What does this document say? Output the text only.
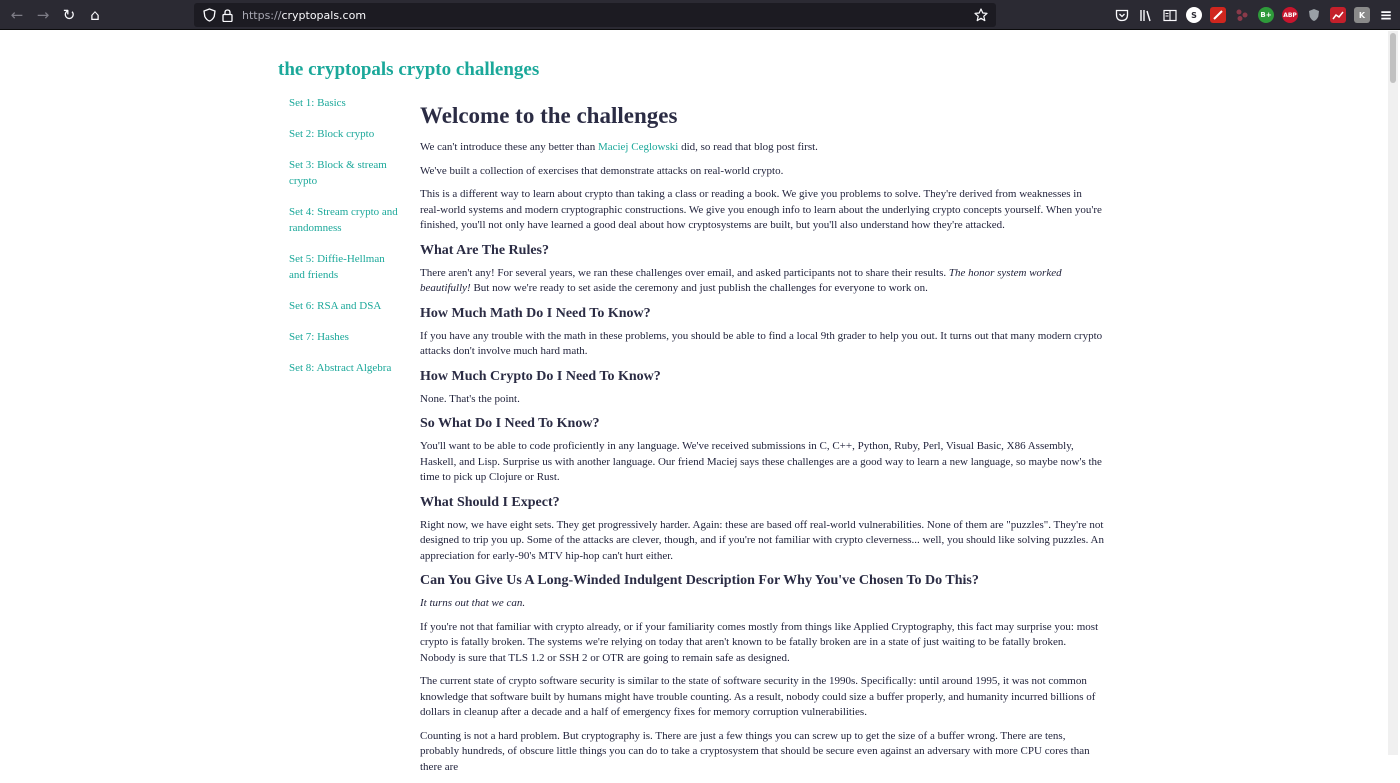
← → ↻ ⌂	https://cryptopals.com	S	B+	ABP	K ≡
the cryptopals crypto challenges
Set 1: Basics
Set 2: Block crypto
Set 3: Block & stream crypto
Set 4: Stream crypto and randomness
Set 5: Diffie-Hellman and friends
Set 6: RSA and DSA
Set 7: Hashes
Set 8: Abstract Algebra
Welcome to the challenges

We can't introduce these any better than Maciej Ceglowski did, so read that blog post first.

We've built a collection of exercises that demonstrate attacks on real-world crypto.

This is a different way to learn about crypto than taking a class or reading a book. We give you problems to solve. They're derived from weaknesses in real-world systems and modern cryptographic constructions. We give you enough info to learn about the underlying crypto concepts yourself. When you're finished, you'll not only have learned a good deal about how cryptosystems are built, but you'll also understand how they're attacked.

What Are The Rules?

There aren't any! For several years, we ran these challenges over email, and asked participants not to share their results. The honor system worked beautifully! But now we're ready to set aside the ceremony and just publish the challenges for everyone to work on.

How Much Math Do I Need To Know?

If you have any trouble with the math in these problems, you should be able to find a local 9th grader to help you out. It turns out that many modern crypto attacks don't involve much hard math.

How Much Crypto Do I Need To Know?

None. That's the point.

So What Do I Need To Know?

You'll want to be able to code proficiently in any language. We've received submissions in C, C++, Python, Ruby, Perl, Visual Basic, X86 Assembly, Haskell, and Lisp. Surprise us with another language. Our friend Maciej says these challenges are a good way to learn a new language, so maybe now's the time to pick up Clojure or Rust.

What Should I Expect?

Right now, we have eight sets. They get progressively harder. Again: these are based off real-world vulnerabilities. None of them are "puzzles". They're not designed to trip you up. Some of the attacks are clever, though, and if you're not familiar with crypto cleverness... well, you should like solving puzzles. An appreciation for early-90's MTV hip-hop can't hurt either.

Can You Give Us A Long-Winded Indulgent Description For Why You've Chosen To Do This?

It turns out that we can.

If you're not that familiar with crypto already, or if your familiarity comes mostly from things like Applied Cryptography, this fact may surprise you: most crypto is fatally broken. The systems we're relying on today that aren't known to be fatally broken are in a state of just waiting to be fatally broken. Nobody is sure that TLS 1.2 or SSH 2 or OTR are going to remain safe as designed.

The current state of crypto software security is similar to the state of software security in the 1990s. Specifically: until around 1995, it was not common knowledge that software built by humans might have trouble counting. As a result, nobody could size a buffer properly, and humanity incurred billions of dollars in cleanup after a decade and a half of emergency fixes for memory corruption vulnerabilities.

Counting is not a hard problem. But cryptography is. There are just a few things you can screw up to get the size of a buffer wrong. There are tens, probably hundreds, of obscure little things you can do to take a cryptosystem that should be secure even against an adversary with more CPU cores than there are
